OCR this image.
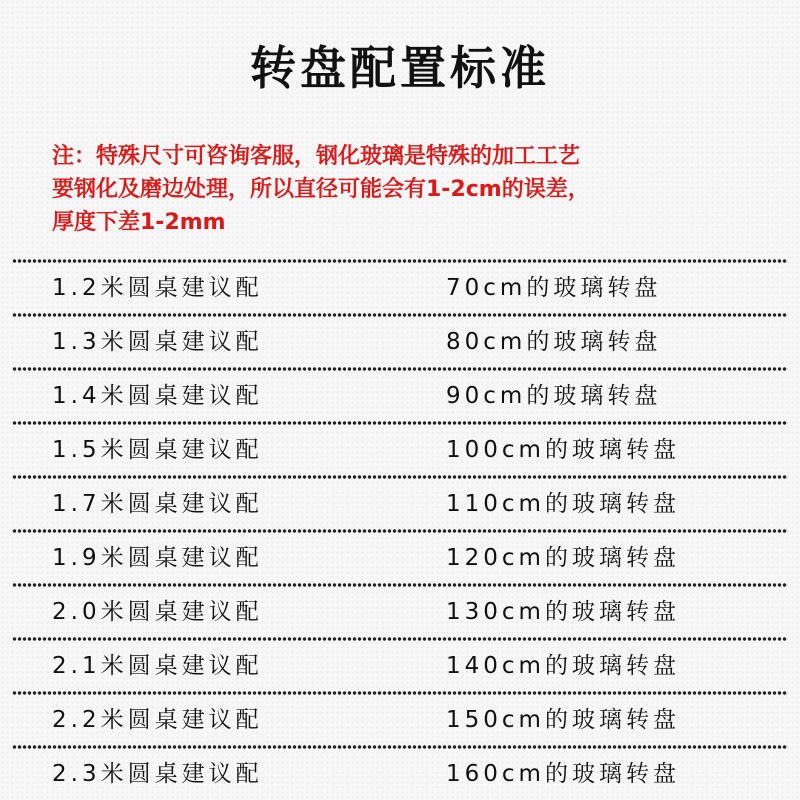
转盘配置标准
注：特殊尺寸可咨询客服，钢化玻璃是特殊的加工工艺
要钢化及磨边处理，所以直径可能会有1-2cm的误差，
厚度下差1-2mm
1.2米圆桌建议配	70cm的玻璃转盘
1.3米圆桌建议配	80cm的玻璃转盘
1.4米圆桌建议配	90cm的玻璃转盘
1.5米圆桌建议配	100cm的玻璃转盘
1.7米圆桌建议配	110cm的玻璃转盘
1.9米圆桌建议配	120cm的玻璃转盘
2.0米圆桌建议配	130cm的玻璃转盘
2.1米圆桌建议配	140cm的玻璃转盘
2.2米圆桌建议配	150cm的玻璃转盘
2.3米圆桌建议配	160cm的玻璃转盘
